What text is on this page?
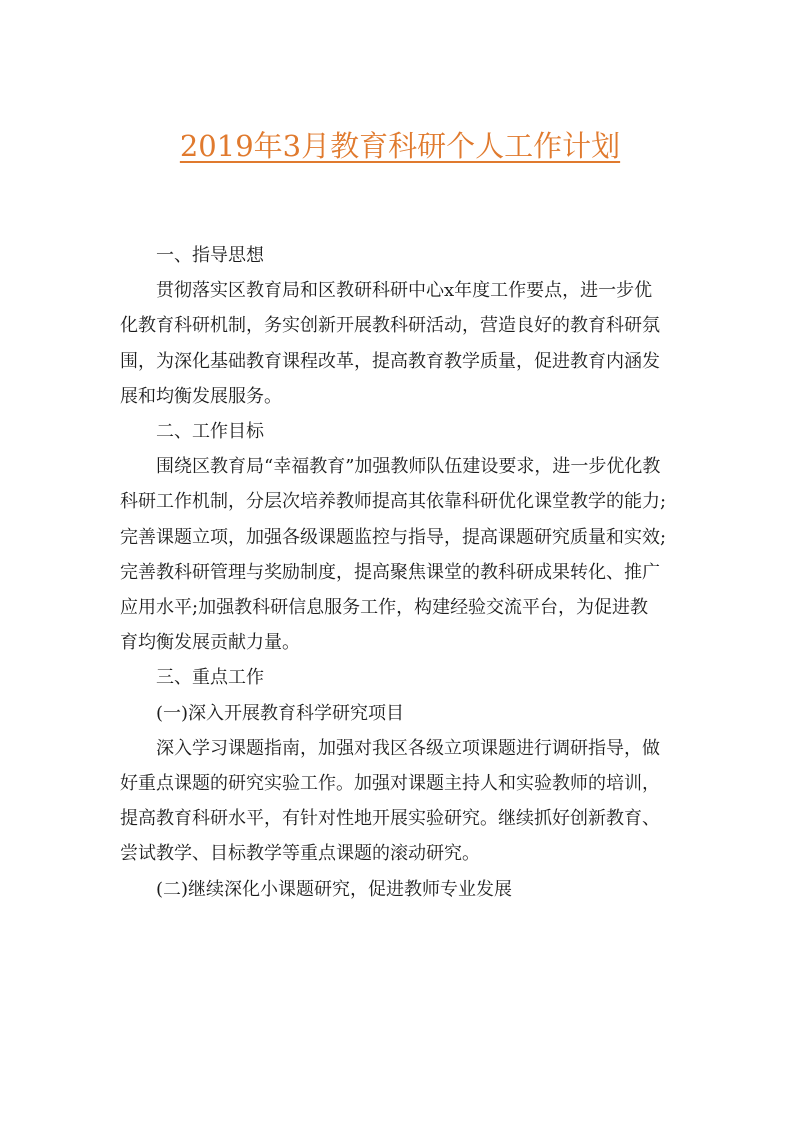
2019年3月教育科研个人工作计划

一、指导思想

贯彻落实区教育局和区教研科研中心x年度工作要点，进一步优
化教育科研机制，务实创新开展教科研活动，营造良好的教育科研氛
围，为深化基础教育课程改革，提高教育教学质量，促进教育内涵发
展和均衡发展服务。

二、工作目标

围绕区教育局“幸福教育”加强教师队伍建设要求，进一步优化教
科研工作机制，分层次培养教师提高其依靠科研优化课堂教学的能力;
完善课题立项，加强各级课题监控与指导，提高课题研究质量和实效;
完善教科研管理与奖励制度，提高聚焦课堂的教科研成果转化、推广
应用水平;加强教科研信息服务工作，构建经验交流平台，为促进教
育均衡发展贡献力量。

三、重点工作

(一)深入开展教育科学研究项目

深入学习课题指南，加强对我区各级立项课题进行调研指导，做
好重点课题的研究实验工作。加强对课题主持人和实验教师的培训，
提高教育科研水平，有针对性地开展实验研究。继续抓好创新教育、
尝试教学、目标教学等重点课题的滚动研究。

(二)继续深化小课题研究，促进教师专业发展
